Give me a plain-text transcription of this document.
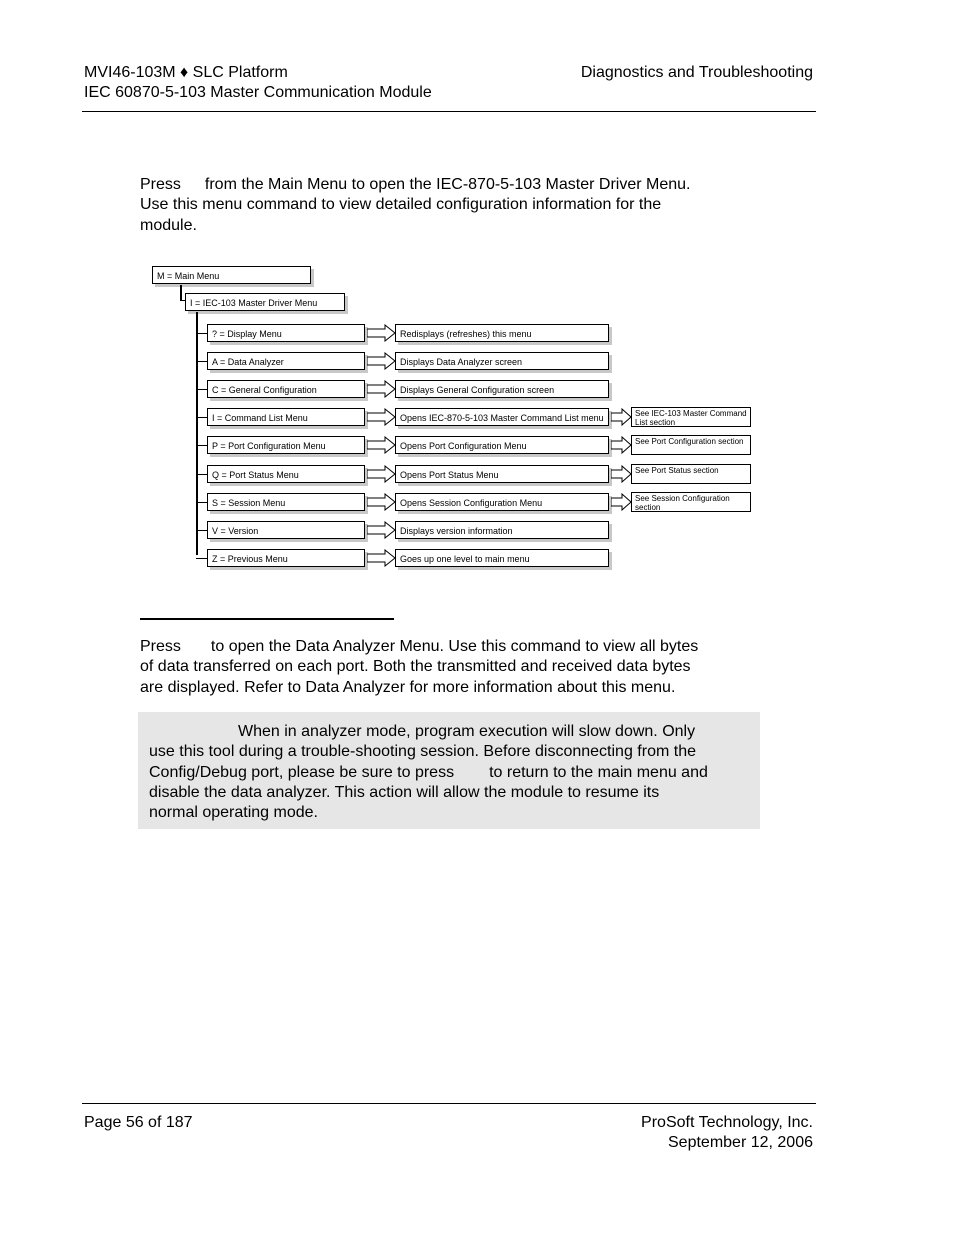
MVI46-103M ♦ SLC Platform
IEC 60870-5-103 Master Communication Module
Diagnostics and Troubleshooting
Press from the Main Menu to open the IEC-870-5-103 Master Driver Menu.
Use this menu command to view detailed configuration information for the
module.
M = Main Menu
I = IEC-103 Master Driver Menu
? = Display Menu	Redisplays (refreshes) this menu
A = Data Analyzer	Displays Data Analyzer screen
C = General Configuration	Displays General Configuration screen
I = Command List Menu	Opens IEC-870-5-103 Master Command List menu	See IEC-103 Master Command List section
P = Port Configuration Menu	Opens Port Configuration Menu	See Port Configuration section
Q = Port Status Menu	Opens Port Status Menu	See Port Status section
S = Session Menu	Opens Session Configuration Menu	See Session Configuration section
V = Version	Displays version information
Z = Previous Menu	Goes up one level to main menu
Press to open the Data Analyzer Menu. Use this command to view all bytes
of data transferred on each port. Both the transmitted and received data bytes
are displayed. Refer to Data Analyzer for more information about this menu.
When in analyzer mode, program execution will slow down. Only
use this tool during a trouble-shooting session. Before disconnecting from the
Config/Debug port, please be sure to press to return to the main menu and
disable the data analyzer. This action will allow the module to resume its
normal operating mode.
Page 56 of 187	ProSoft Technology, Inc.
September 12, 2006
